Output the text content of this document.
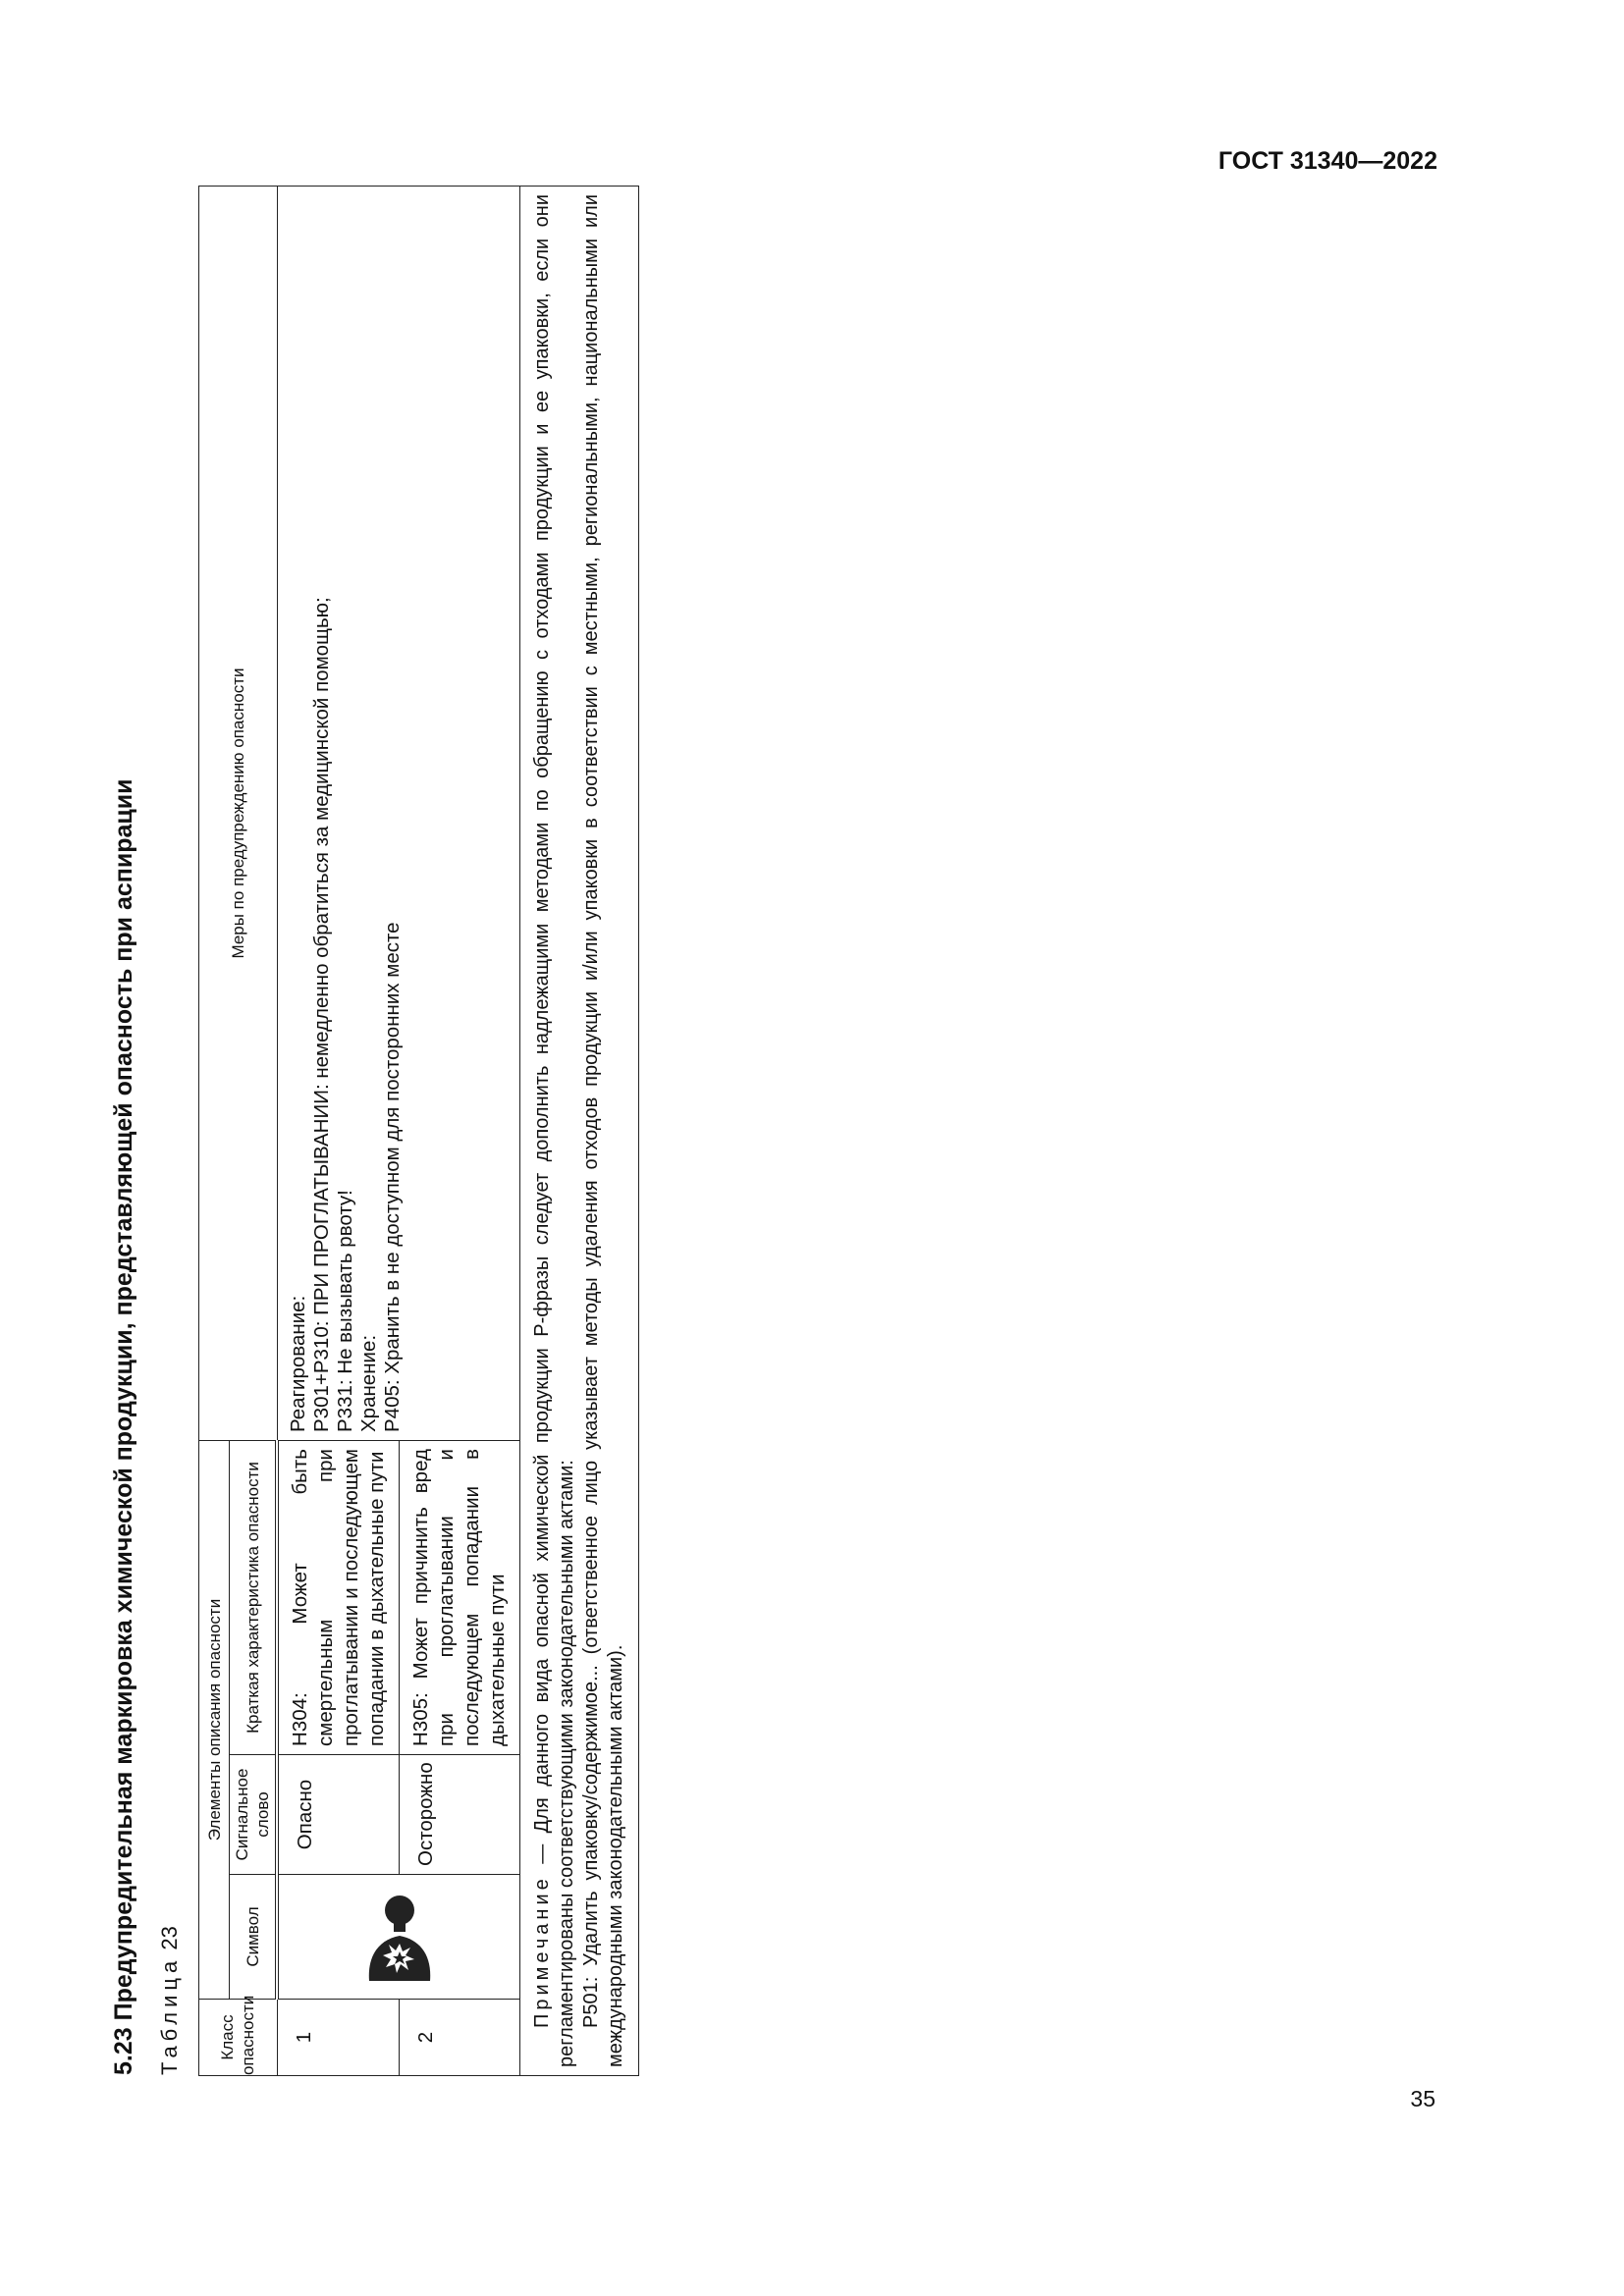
ГОСТ 31340—2022
35
5.23 Предупредительная маркировка химической продукции, представляющей опасность при аспирации Таблица 23
Класс опасности	Элементы описания опасности			Меры по предупреждению опасности
	Символ	Сигнальное слово	Краткая характеристика опасности	
1		Опасно	H304: Может быть смертельным при проглатывании и последующем попадании в дыхательные пути	Реагирование: P301+P310: ПРИ ПРОГЛАТЫВАНИИ: немедленно обратиться за медицинской помощью; P331: Не вызывать рвоту! Хранение: P405: Хранить в не доступном для посторонних месте

2		Осторожно	H305: Может причинить вред при проглатывании и последующем попадании в дыхательные пути	

Примечание — Для данного вида опасной химической продукции Р-фразы следует дополнить надлежащими методами по обращению с отходами продукции и ее упаковки, если они регламентированы соответствующими законодательными актами: Р501: Удалить упаковку/содержимое... (ответственное лицо указывает методы удаления отходов продукции и/или упаковки в соответствии с местными, региональными, национальными или международными законодательными актами).				
